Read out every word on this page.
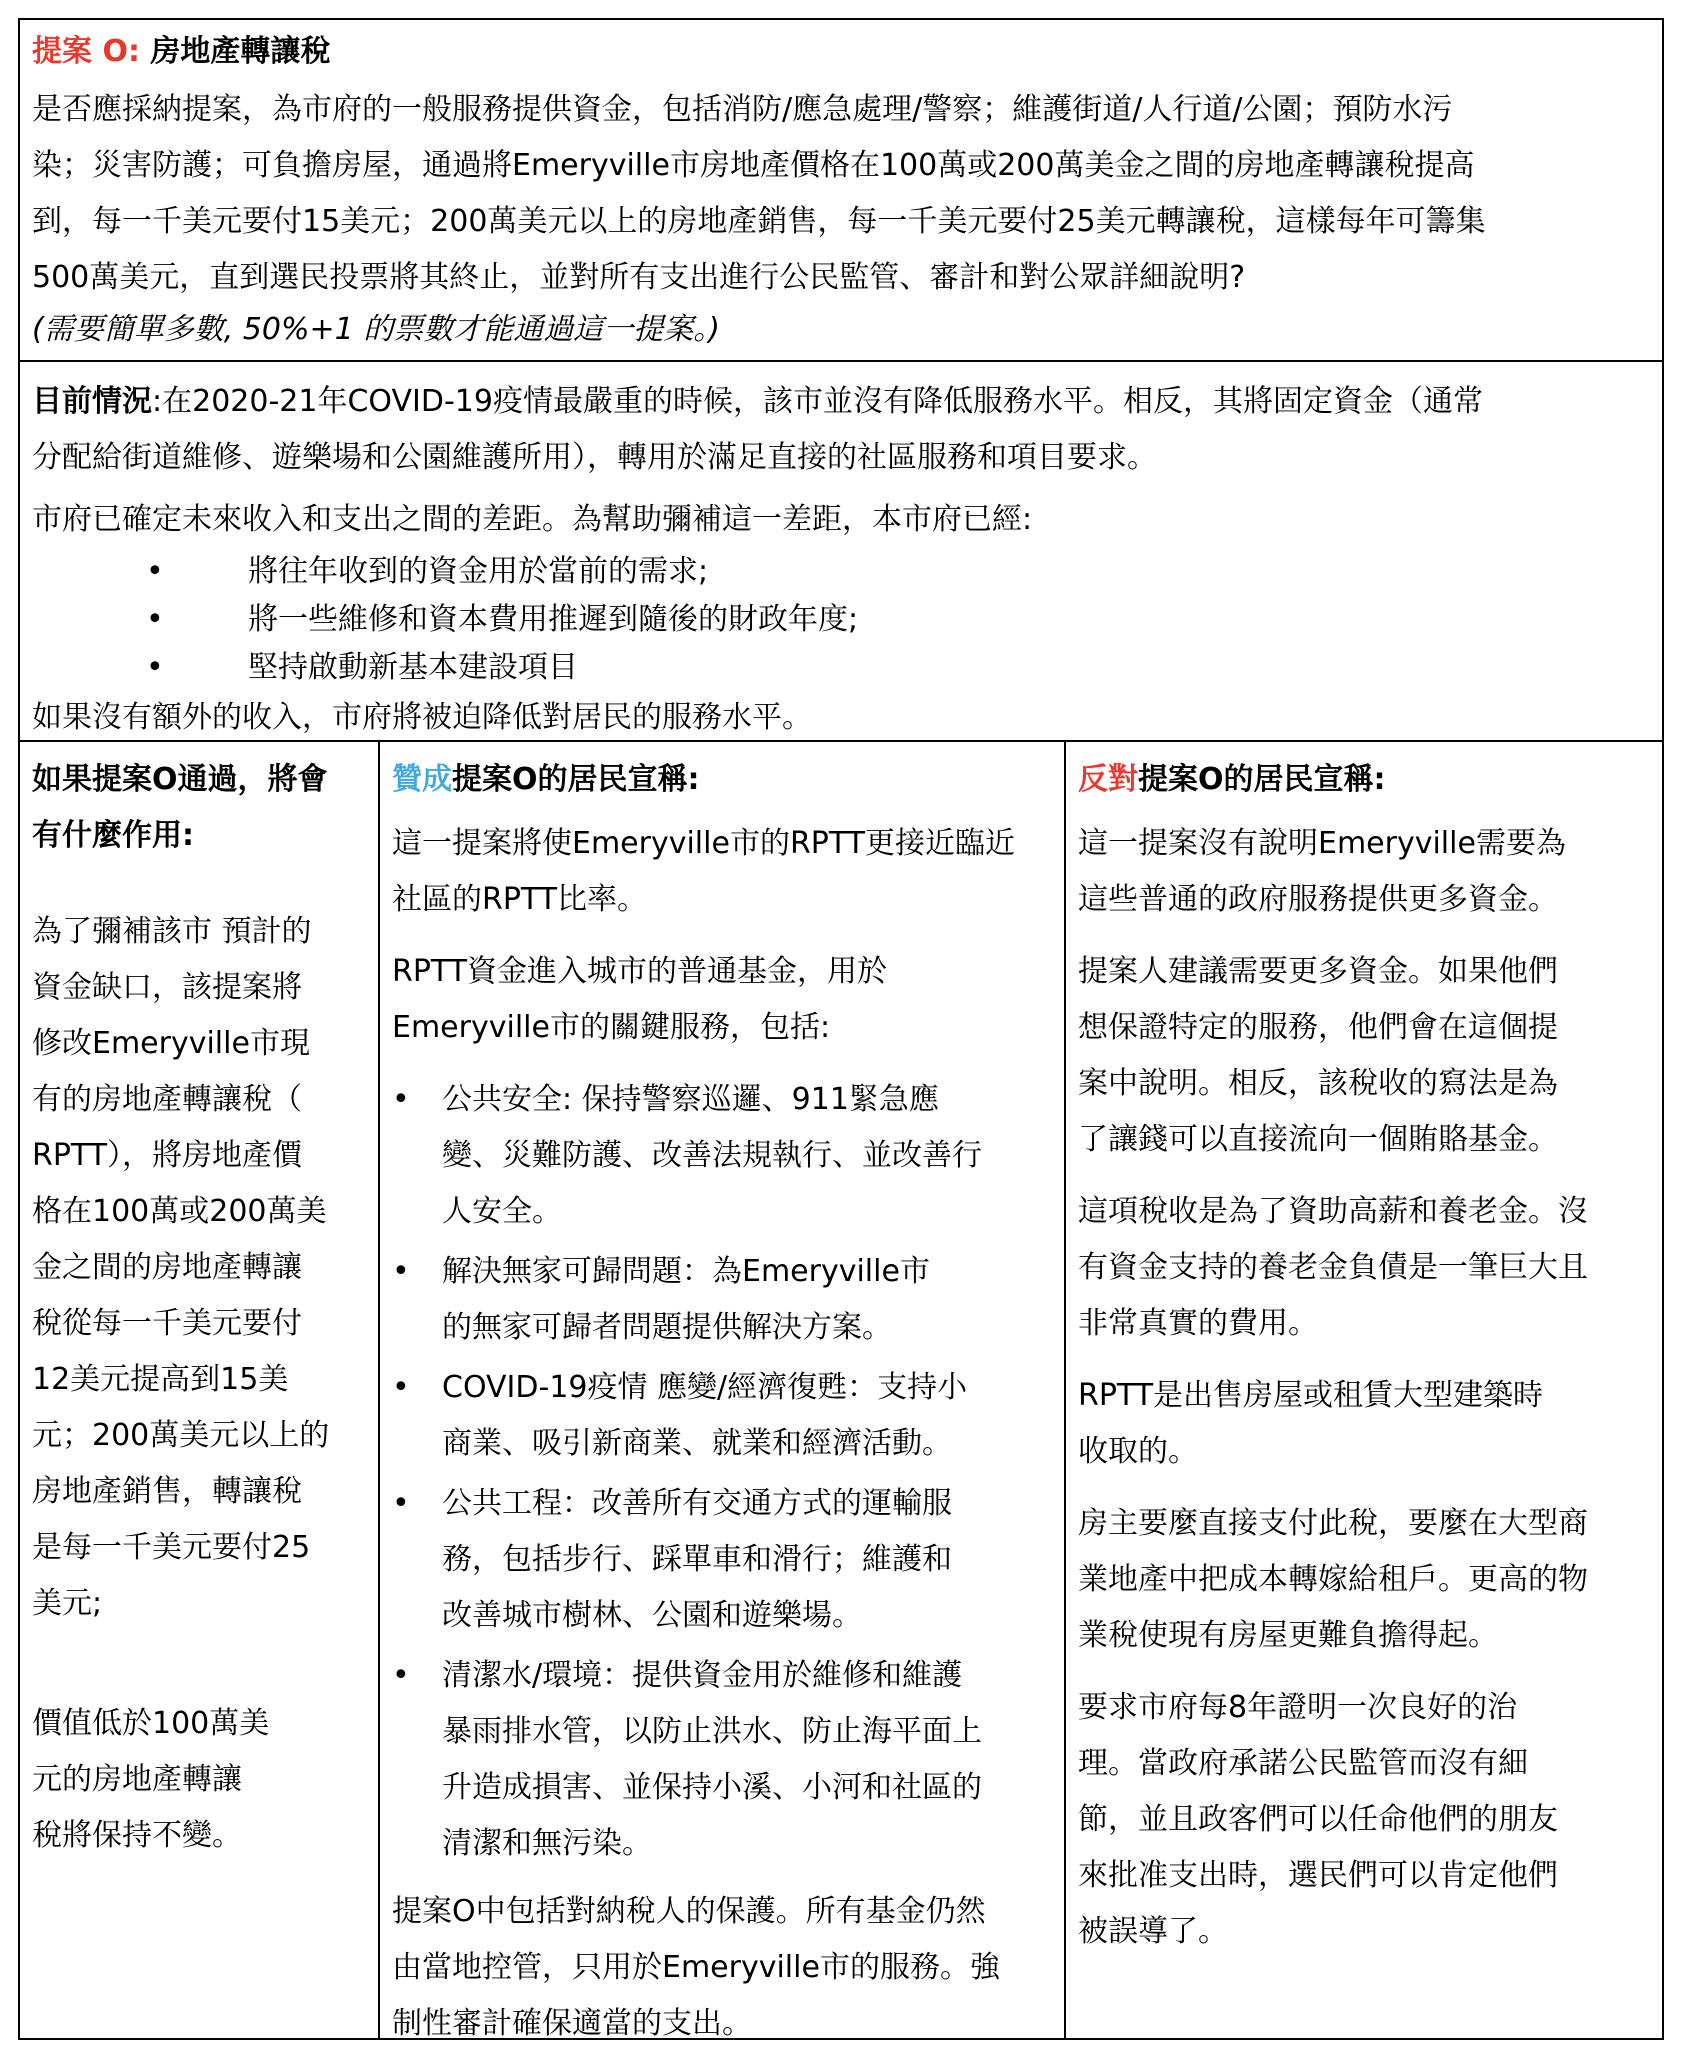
提案 O: 房地產轉讓稅

是否應採納提案，為市府的一般服務提供資金，包括消防/應急處理/警察；維護街道/人行道/公園；預防水污

染；災害防護；可負擔房屋，通過將Emeryville市房地產價格在100萬或200萬美金之間的房地產轉讓稅提高

到，每一千美元要付15美元；200萬美元以上的房地產銷售，每一千美元要付25美元轉讓稅，這樣每年可籌集

500萬美元，直到選民投票將其終止，並對所有支出進行公民監管、審計和對公眾詳細說明?

(需要簡單多數, 50%+1 的票數才能通過這一提案。)

目前情況:在2020-21年COVID-19疫情最嚴重的時候，該市並沒有降低服務水平。相反，其將固定資金（通常

分配給街道維修、遊樂場和公園維護所用），轉用於滿足直接的社區服務和項目要求。

市府已確定未來收入和支出之間的差距。為幫助彌補這一差距，本市府已經:

•	將往年收到的資金用於當前的需求;
•	將一些維修和資本費用推遲到隨後的財政年度;
•	堅持啟動新基本建設項目

如果沒有額外的收入，市府將被迫降低對居民的服務水平。

如果提案O通過，將會
有什麼作用:
為了彌補該市 預計的
資金缺口，該提案將
修改Emeryville市現
有的房地產轉讓稅（
RPTT），將房地產價
格在100萬或200萬美
金之間的房地產轉讓
稅從每一千美元要付
12美元提高到15美
元；200萬美元以上的
房地產銷售，轉讓稅
是每一千美元要付25
美元;
價值低於100萬美
元的房地產轉讓
稅將保持不變。
贊成提案O的居民宣稱:
這一提案將使Emeryville市的RPTT更接近臨近
社區的RPTT比率。
RPTT資金進入城市的普通基金，用於
Emeryville市的關鍵服務，包括:
• 公共安全: 保持警察巡邏、911緊急應
變、災難防護、改善法規執行、並改善行
人安全。
• 解決無家可歸問題：為Emeryville市
的無家可歸者問題提供解決方案。
• COVID-19疫情 應變/經濟復甦：支持小
商業、吸引新商業、就業和經濟活動。
• 公共工程：改善所有交通方式的運輸服
務，包括步行、踩單車和滑行；維護和
改善城市樹林、公園和遊樂場。
• 清潔水/環境：提供資金用於維修和維護
暴雨排水管，以防止洪水、防止海平面上
升造成損害、並保持小溪、小河和社區的
清潔和無污染。
提案O中包括對納稅人的保護。所有基金仍然
由當地控管，只用於Emeryville市的服務。強
制性審計確保適當的支出。
反對提案O的居民宣稱:
這一提案沒有說明Emeryville需要為
這些普通的政府服務提供更多資金。
提案人建議需要更多資金。如果他們
想保證特定的服務，他們會在這個提
案中說明。相反，該稅收的寫法是為
了讓錢可以直接流向一個賄賂基金。
這項稅收是為了資助高薪和養老金。沒
有資金支持的養老金負債是一筆巨大且
非常真實的費用。
RPTT是出售房屋或租賃大型建築時
收取的。
房主要麼直接支付此稅，要麼在大型商
業地產中把成本轉嫁給租戶。更高的物
業稅使現有房屋更難負擔得起。
要求市府每8年證明一次良好的治
理。當政府承諾公民監管而沒有細
節，並且政客們可以任命他們的朋友
來批准支出時，選民們可以肯定他們
被誤導了。
